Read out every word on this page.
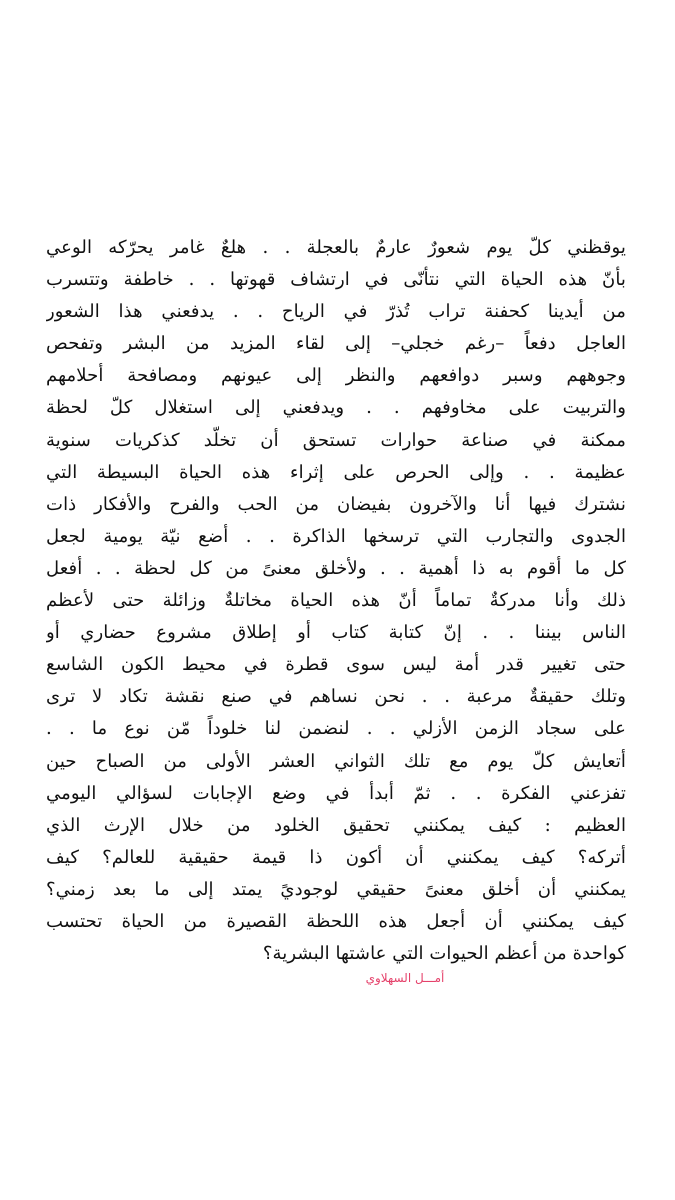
يوقظني كلّ يوم شعورٌ عارمٌ بالعجلة . . هلعٌ غامر يحرّكه الوعي
بأنّ هذه الحياة التي نتأنّى في ارتشاف قهوتها . . خاطفة وتتسرب
من أيدينا كحفنة تراب تُذرّ في الرياح . . يدفعني هذا الشعور
العاجل دفعاً –رغم خجلي– إلى لقاء المزيد من البشر وتفحص
وجوههم وسبر دوافعهم والنظر إلى عيونهم ومصافحة أحلامهم
والتربيت على مخاوفهم . . ويدفعني إلى استغلال كلّ لحظة
ممكنة في صناعة حوارات تستحق أن تخلّد كذكريات سنوية
عظيمة . . وإلى الحرص على إثراء هذه الحياة البسيطة التي
نشترك فيها أنا والآخرون بفيضان من الحب والفرح والأفكار ذات
الجدوى والتجارب التي ترسخها الذاكرة . . أضع نيّة يومية لجعل
كل ما أقوم به ذا أهمية . . ولأخلق معنىً من كل لحظة . . أفعل
ذلك وأنا مدركةٌ تماماً أنّ هذه الحياة مخاتلةٌ وزائلة حتى لأعظم
الناس بيننا . . إنّ كتابة كتاب أو إطلاق مشروع حضاري أو
حتى تغيير قدر أمة ليس سوى قطرة في محيط الكون الشاسع
وتلك حقيقةٌ مرعبة . . نحن نساهم في صنع نقشة تكاد لا ترى
على سجاد الزمن الأزلي . . لنضمن لنا خلوداً مّن نوع ما . .
أتعايش كلّ يوم مع تلك الثواني العشر الأولى من الصباح حين
تفزعني الفكرة . . ثمّ أبدأ في وضع الإجابات لسؤالي اليومي
العظيم : كيف يمكنني تحقيق الخلود من خلال الإرث الذي
أتركه؟ كيف يمكنني أن أكون ذا قيمة حقيقية للعالم؟ كيف
يمكنني أن أخلق معنىً حقيقي لوجوديً يمتد إلى ما بعد زمني؟
كيف يمكنني أن أجعل هذه اللحظة القصيرة من الحياة تحتسب
كواحدة من أعظم الحيوات التي عاشتها البشرية؟
أمـــل السهلاوي
